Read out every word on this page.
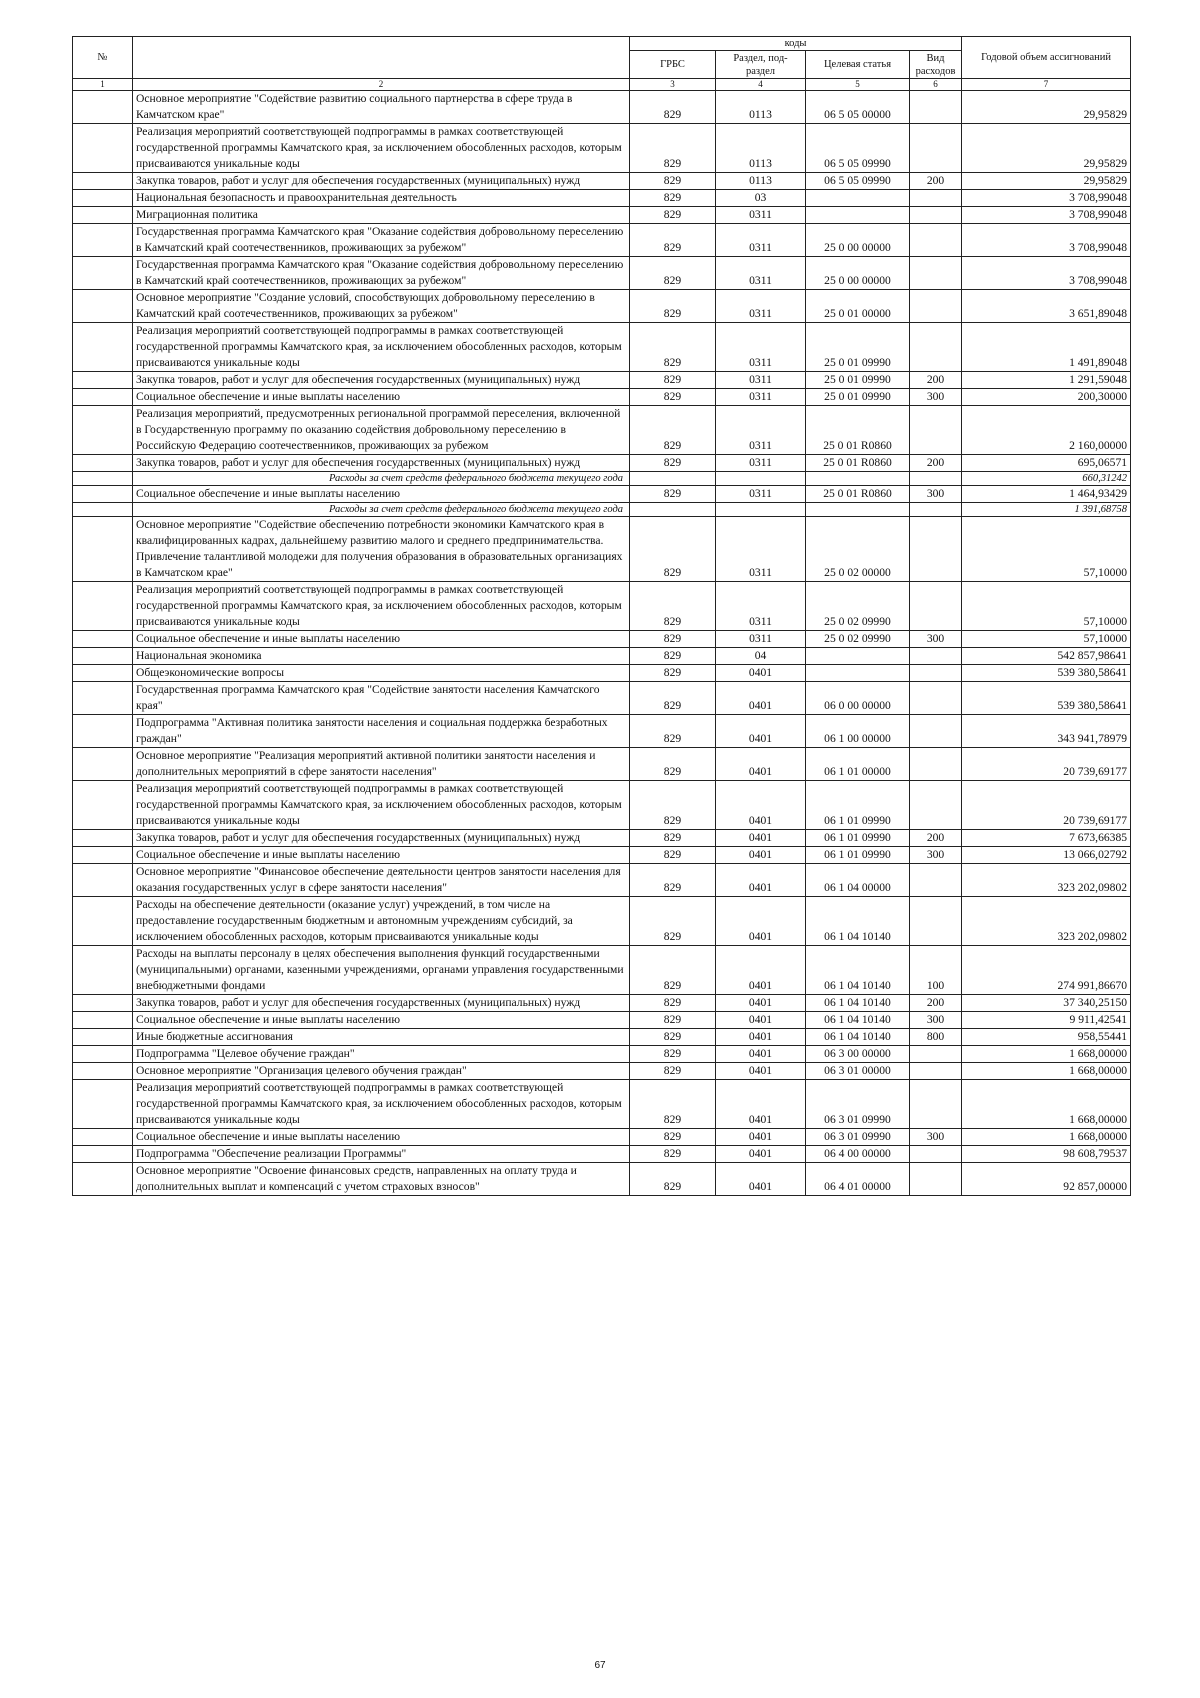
№		коды				Годовой объем ассигнований
		ГРБС	Раздел, под- раздел	Целевая статья	Вид расходов	
1	2	3	4	5	6	7
	Основное мероприятие "Содействие развитию социального партнерства в сфере труда в Камчатском крае"	829	0113	06 5 05 00000		29,95829
	Реализация мероприятий соответствующей подпрограммы в рамках соответствующей государственной программы Камчатского края, за исключением обособленных расходов, которым присваиваются уникальные коды	829	0113	06 5 05 09990		29,95829
	Закупка товаров, работ и услуг для обеспечения государственных (муниципальных) нужд	829	0113	06 5 05 09990	200	29,95829
	Национальная безопасность и правоохранительная деятельность	829	03			3 708,99048
	Миграционная политика	829	0311			3 708,99048
	Государственная программа Камчатского края "Оказание содействия добровольному переселению в Камчатский край соотечественников, проживающих за рубежом"	829	0311	25 0 00 00000		3 708,99048
	Государственная программа Камчатского края "Оказание содействия добровольному переселению в Камчатский край соотечественников, проживающих за рубежом"	829	0311	25 0 00 00000		3 708,99048
	Основное мероприятие "Создание условий, способствующих добровольному переселению в Камчатский край соотечественников, проживающих за рубежом"	829	0311	25 0 01 00000		3 651,89048
	Реализация мероприятий соответствующей подпрограммы в рамках соответствующей государственной программы Камчатского края, за исключением обособленных расходов, которым присваиваются уникальные коды	829	0311	25 0 01 09990		1 491,89048
	Закупка товаров, работ и услуг для обеспечения государственных (муниципальных) нужд	829	0311	25 0 01 09990	200	1 291,59048
	Социальное обеспечение и иные выплаты населению	829	0311	25 0 01 09990	300	200,30000
	Реализация мероприятий, предусмотренных региональной программой переселения, включенной в Государственную программу по оказанию содействия добровольному переселению в Российскую Федерацию соотечественников, проживающих за рубежом	829	0311	25 0 01 R0860		2 160,00000
	Закупка товаров, работ и услуг для обеспечения государственных (муниципальных) нужд	829	0311	25 0 01 R0860	200	695,06571
	Расходы за счет средств федерального бюджета текущего года					660,31242
	Социальное обеспечение и иные выплаты населению	829	0311	25 0 01 R0860	300	1 464,93429
	Расходы за счет средств федерального бюджета текущего года					1 391,68758
	Основное мероприятие "Содействие обеспечению потребности экономики Камчатского края в квалифицированных кадрах, дальнейшему развитию малого и среднего предпринимательства. Привлечение талантливой молодежи для получения образования в образовательных организациях в Камчатском крае"	829	0311	25 0 02 00000		57,10000
	Реализация мероприятий соответствующей подпрограммы в рамках соответствующей государственной программы Камчатского края, за исключением обособленных расходов, которым присваиваются уникальные коды	829	0311	25 0 02 09990		57,10000
	Социальное обеспечение и иные выплаты населению	829	0311	25 0 02 09990	300	57,10000
	Национальная экономика	829	04			542 857,98641
	Общеэкономические вопросы	829	0401			539 380,58641
	Государственная программа Камчатского края "Содействие занятости населения Камчатского края"	829	0401	06 0 00 00000		539 380,58641
	Подпрограмма "Активная политика занятости населения и социальная поддержка безработных граждан"	829	0401	06 1 00 00000		343 941,78979
	Основное мероприятие "Реализация мероприятий активной политики занятости населения и дополнительных мероприятий в сфере занятости населения"	829	0401	06 1 01 00000		20 739,69177
	Реализация мероприятий соответствующей подпрограммы в рамках соответствующей государственной программы Камчатского края, за исключением обособленных расходов, которым присваиваются уникальные коды	829	0401	06 1 01 09990		20 739,69177
	Закупка товаров, работ и услуг для обеспечения государственных (муниципальных) нужд	829	0401	06 1 01 09990	200	7 673,66385
	Социальное обеспечение и иные выплаты населению	829	0401	06 1 01 09990	300	13 066,02792
	Основное мероприятие "Финансовое обеспечение деятельности центров занятости населения для оказания государственных услуг в сфере занятости населения"	829	0401	06 1 04 00000		323 202,09802
	Расходы на обеспечение деятельности (оказание услуг) учреждений, в том числе на предоставление государственным бюджетным и автономным учреждениям субсидий, за исключением обособленных расходов, которым присваиваются уникальные коды	829	0401	06 1 04 10140		323 202,09802
	Расходы на выплаты персоналу в целях обеспечения выполнения функций государственными (муниципальными) органами, казенными учреждениями, органами управления государственными внебюджетными фондами	829	0401	06 1 04 10140	100	274 991,86670
	Закупка товаров, работ и услуг для обеспечения государственных (муниципальных) нужд	829	0401	06 1 04 10140	200	37 340,25150
	Социальное обеспечение и иные выплаты населению	829	0401	06 1 04 10140	300	9 911,42541
	Иные бюджетные ассигнования	829	0401	06 1 04 10140	800	958,55441
	Подпрограмма "Целевое обучение граждан"	829	0401	06 3 00 00000		1 668,00000
	Основное мероприятие "Организация целевого обучения граждан"	829	0401	06 3 01 00000		1 668,00000
	Реализация мероприятий соответствующей подпрограммы в рамках соответствующей государственной программы Камчатского края, за исключением обособленных расходов, которым присваиваются уникальные коды	829	0401	06 3 01 09990		1 668,00000
	Социальное обеспечение и иные выплаты населению	829	0401	06 3 01 09990	300	1 668,00000
	Подпрограмма "Обеспечение реализации Программы"	829	0401	06 4 00 00000		98 608,79537
	Основное мероприятие "Освоение финансовых средств, направленных на оплату труда и дополнительных выплат и компенсаций с учетом страховых взносов"	829	0401	06 4 01 00000		92 857,00000
67
